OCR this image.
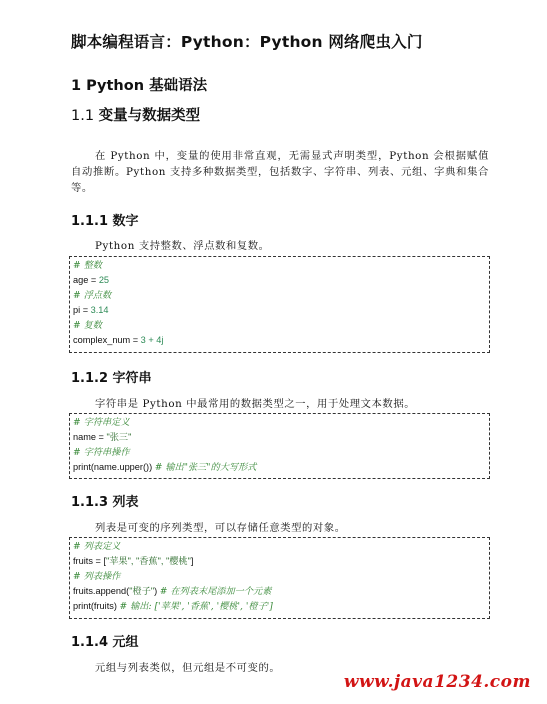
脚本编程语言：Python：Python 网络爬虫入门
1 Python 基础语法
1.1 变量与数据类型
在 Python 中，变量的使用非常直观，无需显式声明类型，Python 会根据赋值自动推断。Python 支持多种数据类型，包括数字、字符串、列表、元组、字典和集合等。
1.1.1 数字
Python 支持整数、浮点数和复数。
# 整数
age = 25
# 浮点数
pi = 3.14
# 复数
complex_num = 3 + 4j
1.1.2 字符串
字符串是 Python 中最常用的数据类型之一，用于处理文本数据。
# 字符串定义
name = "张三"
# 字符串操作
print(name.upper()) # 输出"张三"的大写形式
1.1.3 列表
列表是可变的序列类型，可以存储任意类型的对象。
# 列表定义
fruits = ["苹果", "香蕉", "樱桃"]
# 列表操作
fruits.append("橙子") # 在列表末尾添加一个元素
print(fruits) # 输出: ['苹果', '香蕉', '樱桃', '橙子']
1.1.4 元组
元组与列表类似，但元组是不可变的。
www.java1234.com
